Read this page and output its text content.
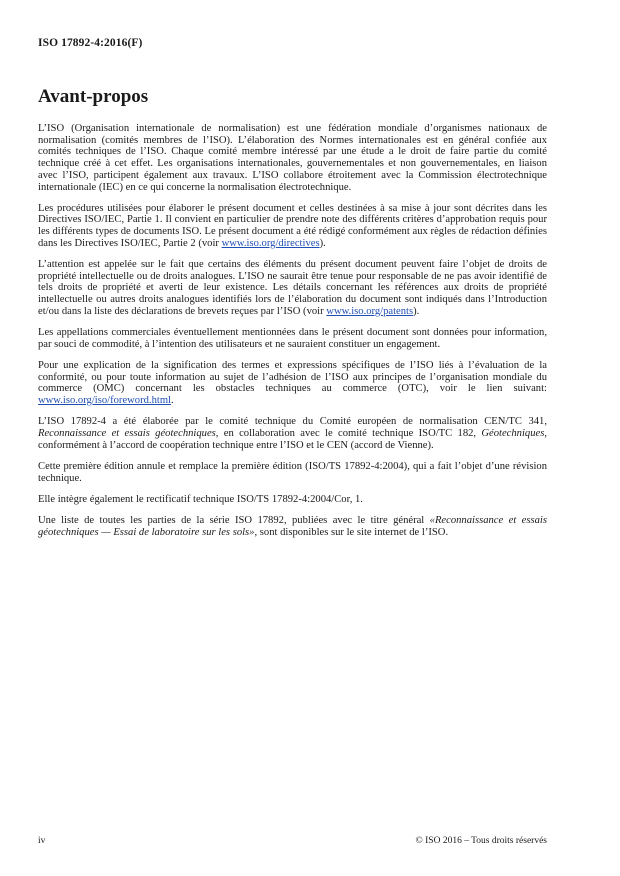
ISO 17892-4:2016(F)
Avant-propos

L’ISO (Organisation internationale de normalisation) est une fédération mondiale d’organismes nationaux de normalisation (comités membres de l’ISO). L’élaboration des Normes internationales est en général confiée aux comités techniques de l’ISO. Chaque comité membre intéressé par une étude a le droit de faire partie du comité technique créé à cet effet. Les organisations internationales, gouvernementales et non gouvernementales, en liaison avec l’ISO, participent également aux travaux. L’ISO collabore étroitement avec la Commission électrotechnique internationale (IEC) en ce qui concerne la normalisation électrotechnique.

Les procédures utilisées pour élaborer le présent document et celles destinées à sa mise à jour sont décrites dans les Directives ISO/IEC, Partie 1. Il convient en particulier de prendre note des différents critères d’approbation requis pour les différents types de documents ISO. Le présent document a été rédigé conformément aux règles de rédaction définies dans les Directives ISO/IEC, Partie 2 (voir www.iso.org/directives).

L’attention est appelée sur le fait que certains des éléments du présent document peuvent faire l’objet de droits de propriété intellectuelle ou de droits analogues. L’ISO ne saurait être tenue pour responsable de ne pas avoir identifié de tels droits de propriété et averti de leur existence. Les détails concernant les références aux droits de propriété intellectuelle ou autres droits analogues identifiés lors de l’élaboration du document sont indiqués dans l’Introduction et/ou dans la liste des déclarations de brevets reçues par l’ISO (voir www.iso.org/patents).

Les appellations commerciales éventuellement mentionnées dans le présent document sont données pour information, par souci de commodité, à l’intention des utilisateurs et ne sauraient constituer un engagement.

Pour une explication de la signification des termes et expressions spécifiques de l’ISO liés à l’évaluation de la conformité, ou pour toute information au sujet de l’adhésion de l’ISO aux principes de l’organisation mondiale du commerce (OMC) concernant les obstacles techniques au commerce (OTC), voir le lien suivant: www.iso.org/iso/foreword.html.

L’ISO 17892-4 a été élaborée par le comité technique du Comité européen de normalisation CEN/TC 341, Reconnaissance et essais géotechniques, en collaboration avec le comité technique ISO/TC 182, Géotechniques, conformément à l’accord de coopération technique entre l’ISO et le CEN (accord de Vienne).

Cette première édition annule et remplace la première édition (ISO/TS 17892-4:2004), qui a fait l’objet d’une révision technique.

Elle intègre également le rectificatif technique ISO/TS 17892-4:2004/Cor, 1.

Une liste de toutes les parties de la série ISO 17892, publiées avec le titre général «Reconnaissance et essais géotechniques — Essai de laboratoire sur les sols», sont disponibles sur le site internet de l’ISO.

iv	© ISO 2016 – Tous droits réservés
